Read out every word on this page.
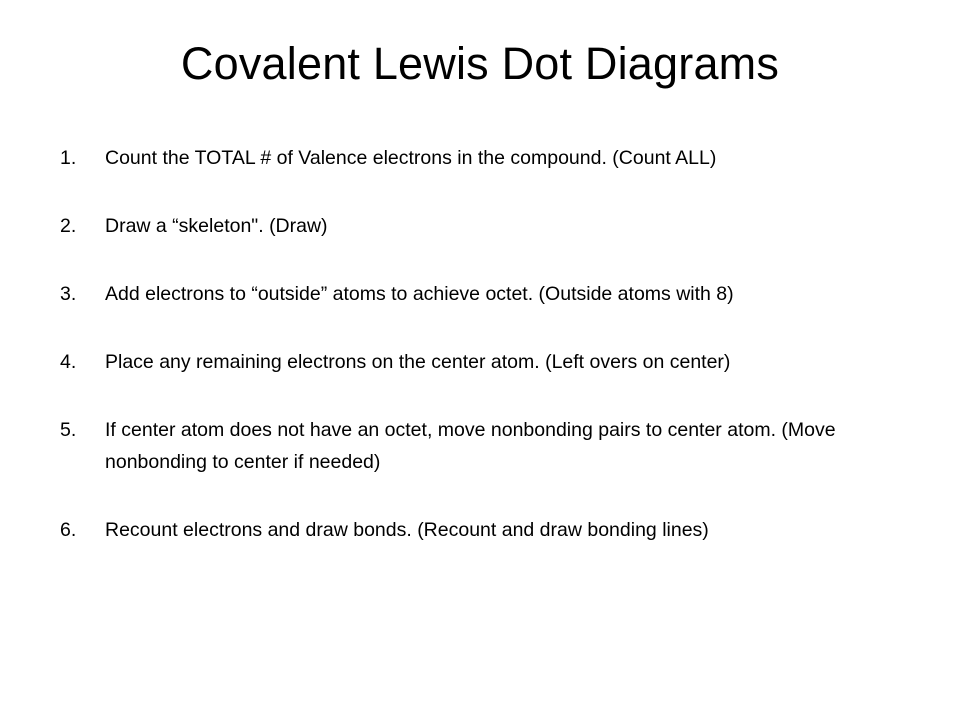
Covalent Lewis Dot Diagrams
1. Count the TOTAL # of Valence electrons in the compound. (Count ALL)
2. Draw a “skeleton". (Draw)
3. Add electrons to “outside” atoms to achieve octet. (Outside atoms with 8)
4. Place any remaining electrons on the center atom. (Left overs on center)
5. If center atom does not have an octet, move nonbonding pairs to center atom. (Move nonbonding to center if needed)
6. Recount electrons and draw bonds. (Recount and draw bonding lines)
